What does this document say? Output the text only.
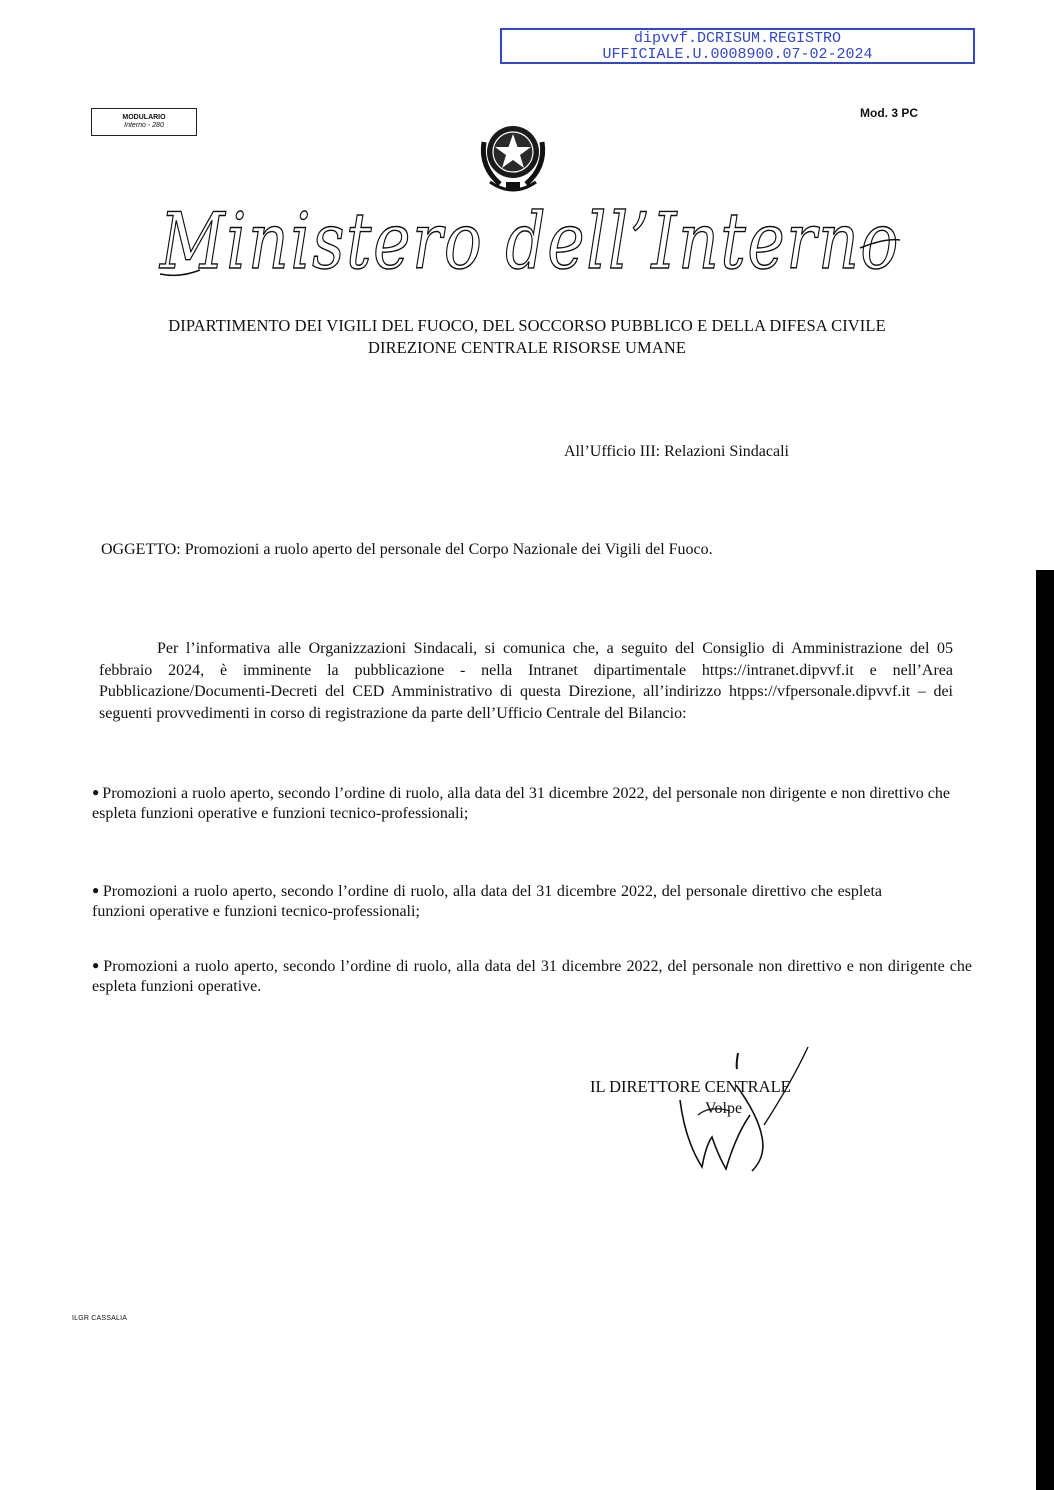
dipvvf.DCRISUM.REGISTRO
UFFICIALE.U.0008900.07-02-2024
MODULARIO
Interno - 280
Mod. 3 PC
Ministero dell’Interno
DIPARTIMENTO DEI VIGILI DEL FUOCO, DEL SOCCORSO PUBBLICO E DELLA DIFESA CIVILE
DIREZIONE CENTRALE RISORSE UMANE
All’Ufficio III: Relazioni Sindacali
OGGETTO: Promozioni a ruolo aperto del personale del Corpo Nazionale dei Vigili del Fuoco.
Per l’informativa alle Organizzazioni Sindacali, si comunica che, a seguito del Consiglio di Amministrazione del 05 febbraio 2024, è imminente la pubblicazione - nella Intranet dipartimentale https://intranet.dipvvf.it e nell’Area Pubblicazione/Documenti-Decreti del CED Amministrativo di questa Direzione, all’indirizzo htpps://vfpersonale.dipvvf.it – dei seguenti provvedimenti in corso di registrazione da parte dell’Ufficio Centrale del Bilancio:
● Promozioni a ruolo aperto, secondo l’ordine di ruolo, alla data del 31 dicembre 2022, del personale non dirigente e non direttivo che espleta funzioni operative e funzioni tecnico-professionali;
● Promozioni a ruolo aperto, secondo l’ordine di ruolo, alla data del 31 dicembre 2022, del personale direttivo che espleta funzioni operative e funzioni tecnico-professionali;
● Promozioni a ruolo aperto, secondo l’ordine di ruolo, alla data del 31 dicembre 2022, del personale non direttivo e non dirigente che espleta funzioni operative.
IL DIRETTORE CENTRALE
Volpe
ILGR CASSALIA
